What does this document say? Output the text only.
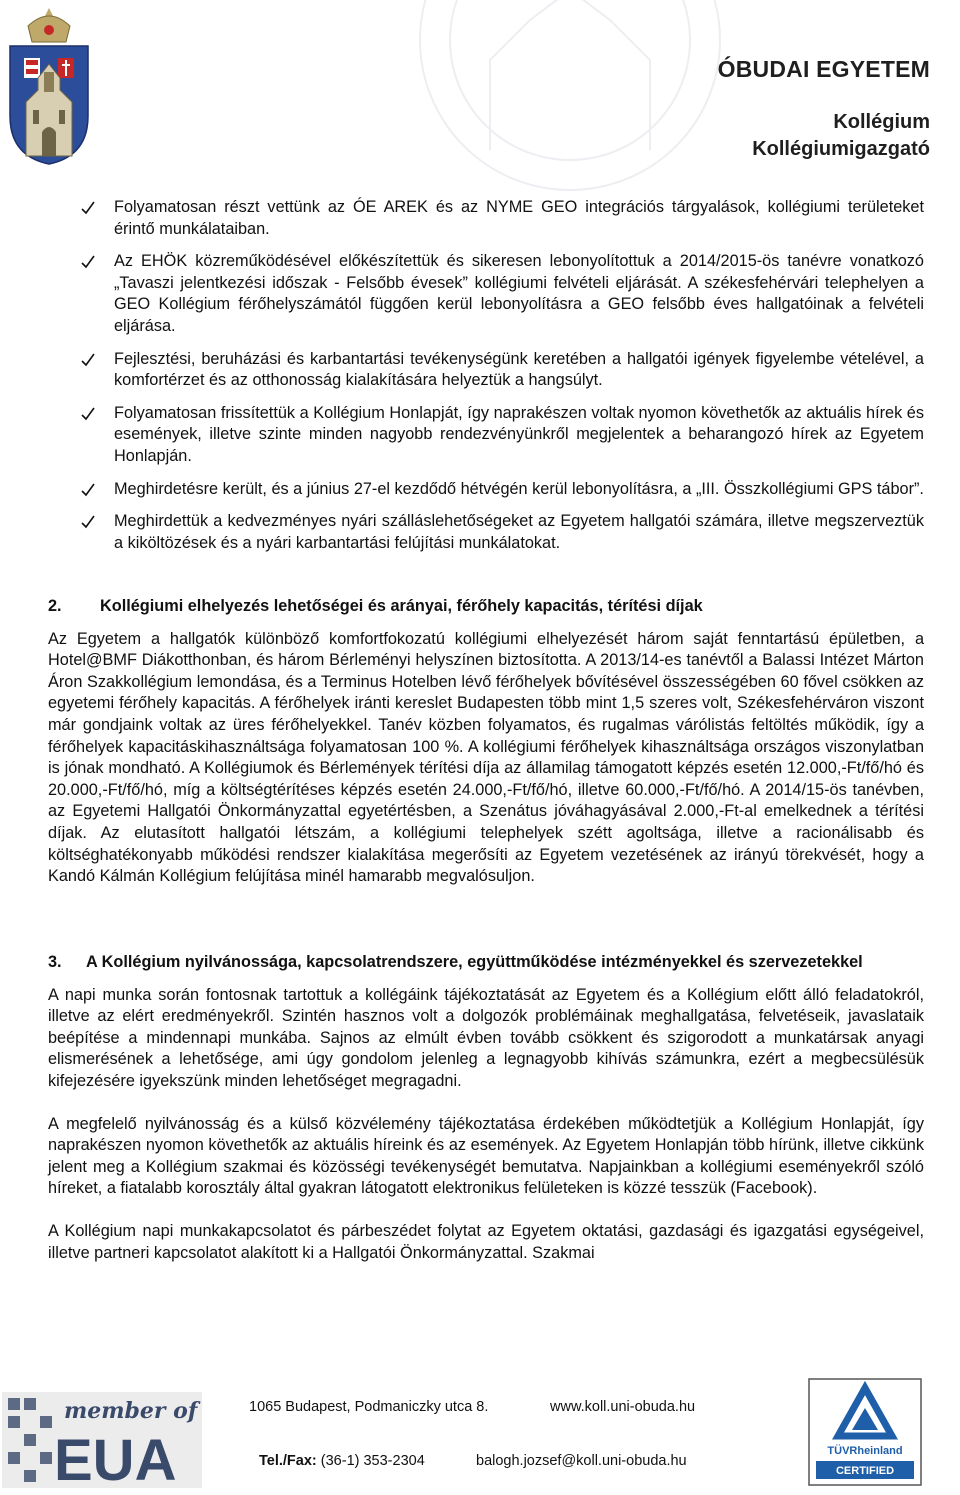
ÓBUDAI EGYETEM
Kollégium
Kollégiumigazgató
Folyamatosan részt vettünk az ÓE AREK és az NYME GEO integrációs tárgyalások, kollégiumi területeket érintő munkálataiban.
Az EHÖK közreműködésével előkészítettük és sikeresen lebonyolítottuk a 2014/2015-ös tanévre vonatkozó „Tavaszi jelentkezési időszak - Felsőbb évesek” kollégiumi felvételi eljárását. A székesfehérvári telephelyen a GEO Kollégium férőhelyszámától függően kerül lebonyolításra a GEO felsőbb éves hallgatóinak a felvételi eljárása.
Fejlesztési, beruházási és karbantartási tevékenységünk keretében a hallgatói igények figyelembe vételével, a komfortérzet és az otthonosság kialakítására helyeztük a hangsúlyt.
Folyamatosan frissítettük a Kollégium Honlapját, így naprakészen voltak nyomon követhetők az aktuális hírek és események, illetve szinte minden nagyobb rendezvényünkről megjelentek a beharangozó hírek az Egyetem Honlapján.
Meghirdetésre került, és a június 27-el kezdődő hétvégén kerül lebonyolításra, a „III. Összkollégiumi GPS tábor”.
Meghirdettük a kedvezményes nyári szálláslehetőségeket az Egyetem hallgatói számára, illetve megszerveztük a kiköltözések és a nyári karbantartási felújítási munkálatokat.
2. Kollégiumi elhelyezés lehetőségei és arányai, férőhely kapacitás, térítési díjak

Az Egyetem a hallgatók különböző komfortfokozatú kollégiumi elhelyezését három saját fenntartású épületben, a Hotel@BMF Diákotthonban, és három Bérleményi helyszínen biztosította. A 2013/14-es tanévtől a Balassi Intézet Márton Áron Szakkollégium lemondása, és a Terminus Hotelben lévő férőhelyek bővítésével összességében 60 fővel csökken az egyetemi férőhely kapacitás. A férőhelyek iránti kereslet Budapesten több mint 1,5 szeres volt, Székesfehérváron viszont már gondjaink voltak az üres férőhelyekkel. Tanév közben folyamatos, és rugalmas várólistás feltöltés működik, így a férőhelyek kapacitáskihasználtsága folyamatosan 100 %. A kollégiumi férőhelyek kihasználtsága országos viszonylatban is jónak mondható. A Kollégiumok és Bérlemények térítési díja az államilag támogatott képzés esetén 12.000,-Ft/fő/hó és 20.000,-Ft/fő/hó, míg a költségtérítéses képzés esetén 24.000,-Ft/fő/hó, illetve 60.000,-Ft/fő/hó. A 2014/15-ös tanévben, az Egyetemi Hallgatói Önkormányzattal egyetértésben, a Szenátus jóváhagyásával 2.000,-Ft-al emelkednek a térítési díjak. Az elutasított hallgatói létszám, a kollégiumi telephelyek szétt agoltsága, illetve a racionálisabb és költséghatékonyabb működési rendszer kialakítása megerősíti az Egyetem vezetésének az irányú törekvését, hogy a Kandó Kálmán Kollégium felújítása minél hamarabb megvalósuljon.

3.	A Kollégium nyilvánossága, kapcsolatrendszere, együttműködése intézményekkel és szervezetekkel

A napi munka során fontosnak tartottuk a kollégáink tájékoztatását az Egyetem és a Kollégium előtt álló feladatokról, illetve az elért eredményekről. Szintén hasznos volt a dolgozók problémáinak meghallgatása, felvetéseik, javaslataik beépítése a mindennapi munkába. Sajnos az elmúlt évben tovább csökkent és szigorodott a munkatársak anyagi elismerésének a lehetősége, ami úgy gondolom jelenleg a legnagyobb kihívás számunkra, ezért a megbecsülésük kifejezésére igyekszünk minden lehetőséget megragadni.

A megfelelő nyilvánosság és a külső közvélemény tájékoztatása érdekében működtetjük a Kollégium Honlapját, így naprakészen nyomon követhetők az aktuális híreink és az események. Az Egyetem Honlapján több hírünk, illetve cikkünk jelent meg a Kollégium szakmai és közösségi tevékenységét bemutatva. Napjainkban a kollégiumi eseményekről szóló híreket, a fiatalabb korosztály által gyakran látogatott elektronikus felületeken is közzé tesszük (Facebook).

A Kollégium napi munkakapcsolatot és párbeszédet folytat az Egyetem oktatási, gazdasági és igazgatási egységeivel, illetve partneri kapcsolatot alakított ki a Hallgatói Önkormányzattal. Szakmai

member of
EUA
1065 Budapest, Podmaniczky utca 8.	www.koll.uni-obuda.hu
Tel./Fax: (36-1) 353-2304	balogh.jozsef@koll.uni-obuda.hu
TÜVRheinland
CERTIFIED
